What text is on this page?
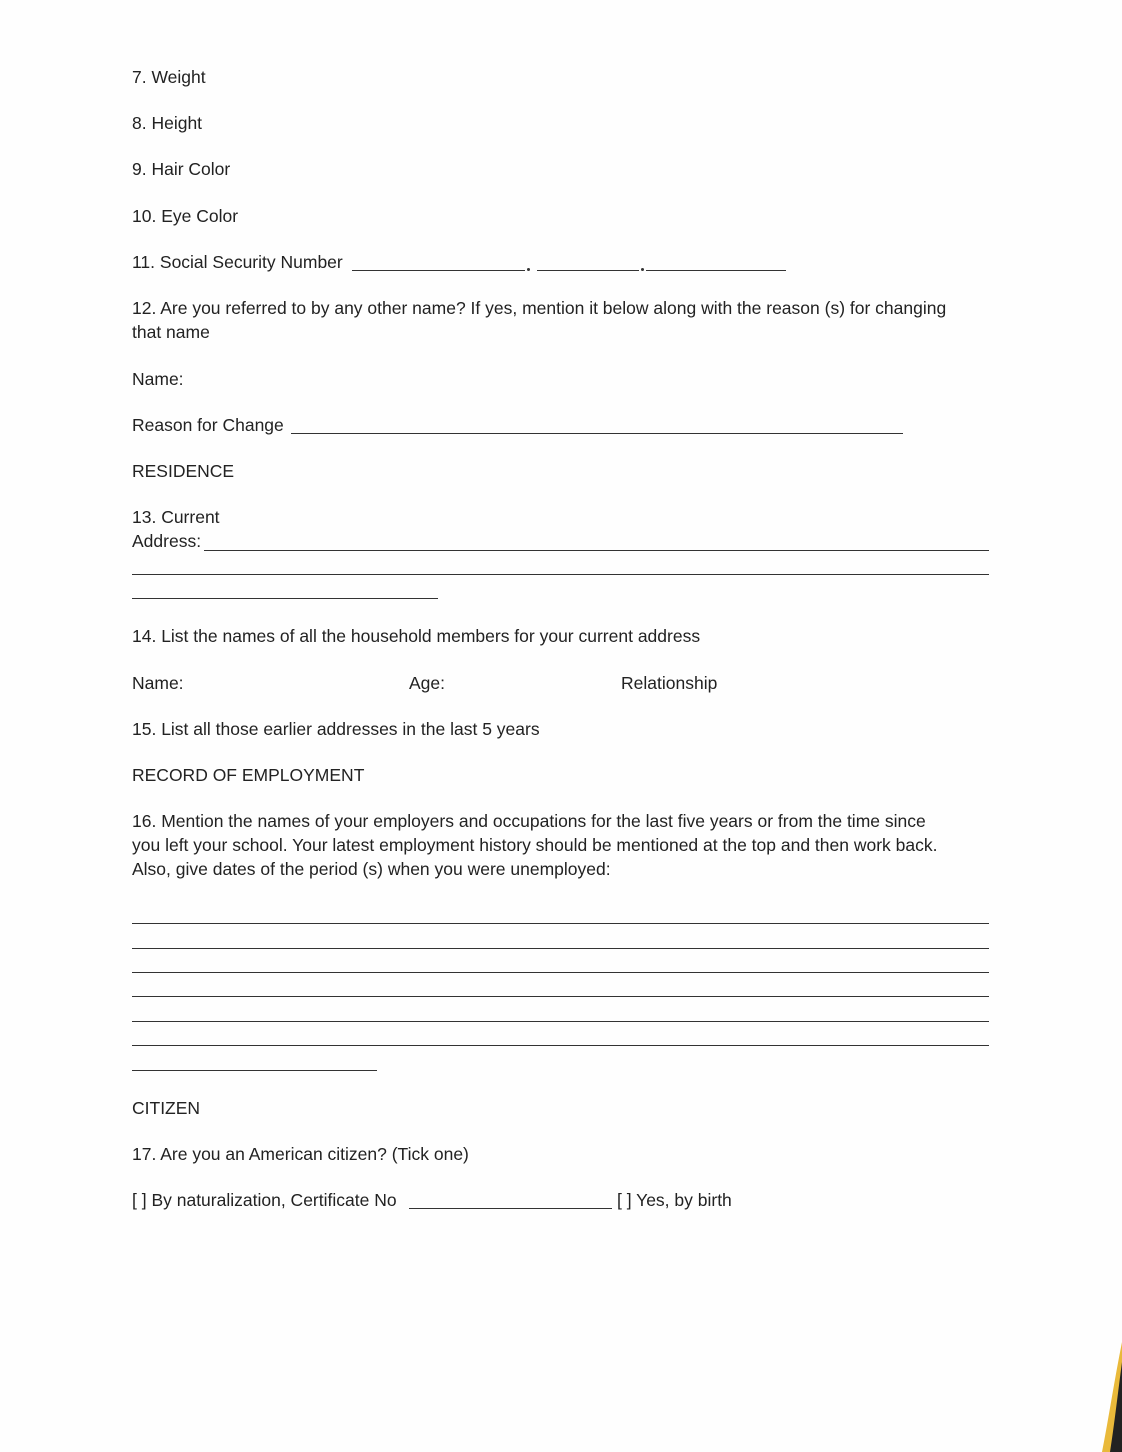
7. Weight
8. Height
9. Hair Color
10. Eye Color
11. Social Security Number
12. Are you referred to by any other name? If yes, mention it below along with the reason (s) for changing
that name
Name:
Reason for Change
RESIDENCE
13. Current
Address:
14. List the names of all the household members for your current address
Name:	Age:	Relationship
15. List all those earlier addresses in the last 5 years
RECORD OF EMPLOYMENT
16. Mention the names of your employers and occupations for the last five years or from the time since
you left your school. Your latest employment history should be mentioned at the top and then work back.
Also, give dates of the period (s) when you were unemployed:
CITIZEN
17. Are you an American citizen? (Tick one)
[ ] By naturalization, Certificate No	[ ] Yes, by birth
